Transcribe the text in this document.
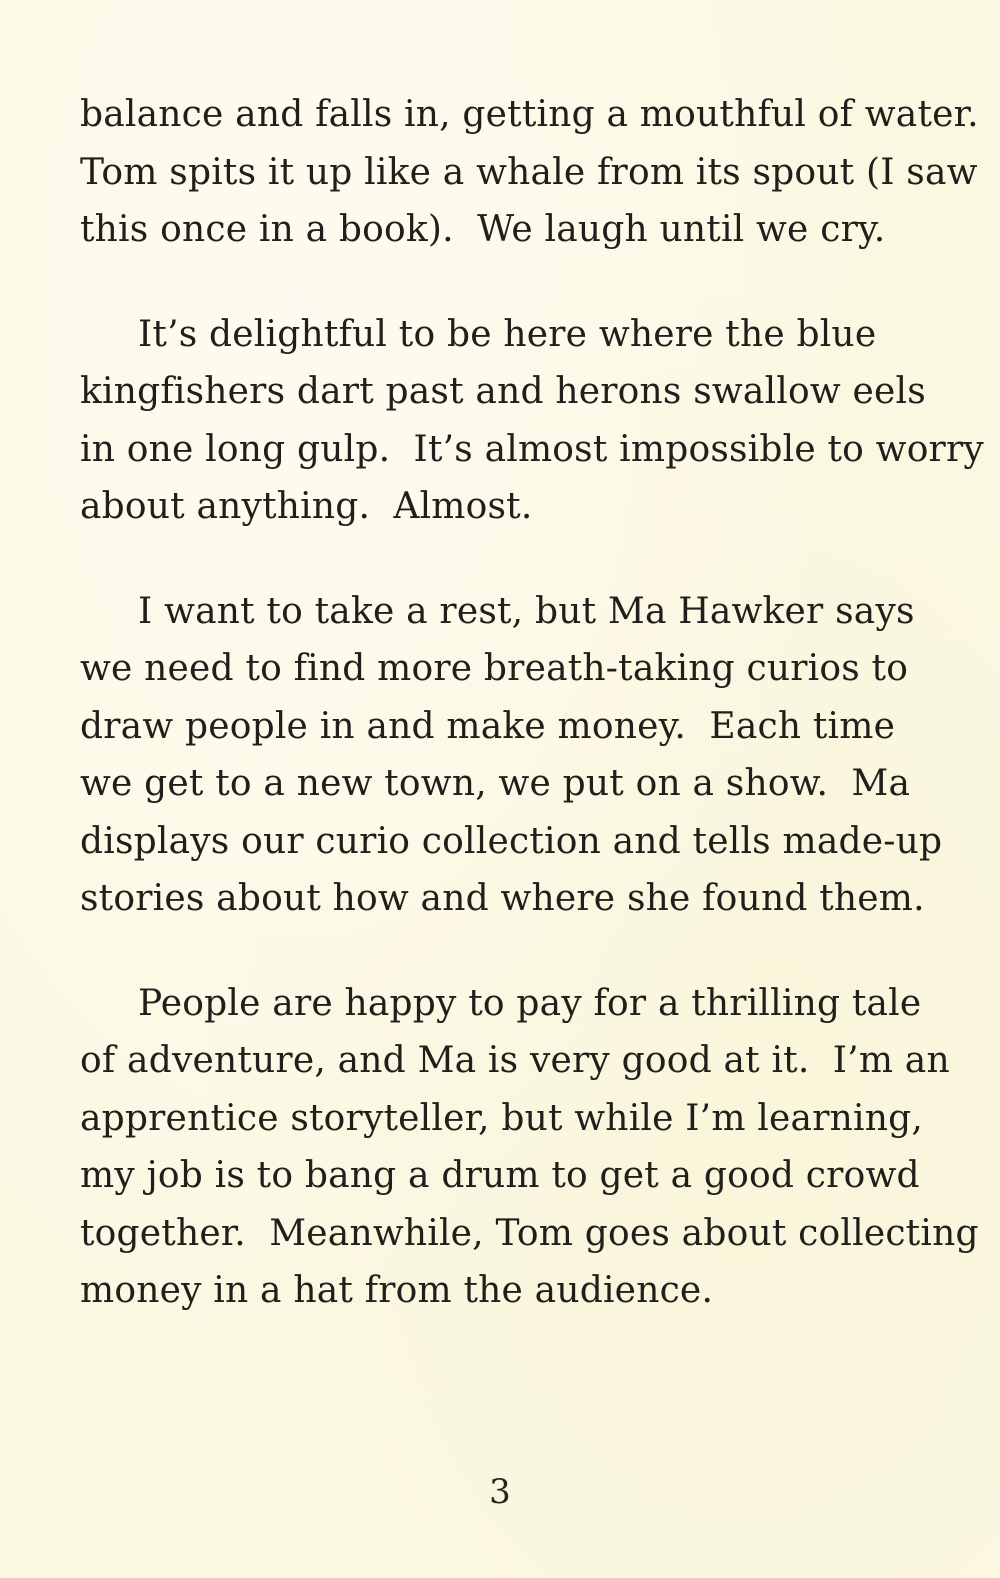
balance and falls in, getting a mouthful of water.
Tom spits it up like a whale from its spout (I saw
this once in a book).  We laugh until we cry.
It’s delightful to be here where the blue
kingfishers dart past and herons swallow eels
in one long gulp.  It’s almost impossible to worry
about anything.  Almost.
I want to take a rest, but Ma Hawker says
we need to find more breath-taking curios to
draw people in and make money.  Each time
we get to a new town, we put on a show.  Ma
displays our curio collection and tells made-up
stories about how and where she found them.
People are happy to pay for a thrilling tale
of adventure, and Ma is very good at it.  I’m an
apprentice storyteller, but while I’m learning,
my job is to bang a drum to get a good crowd
together.  Meanwhile, Tom goes about collecting
money in a hat from the audience.
3
